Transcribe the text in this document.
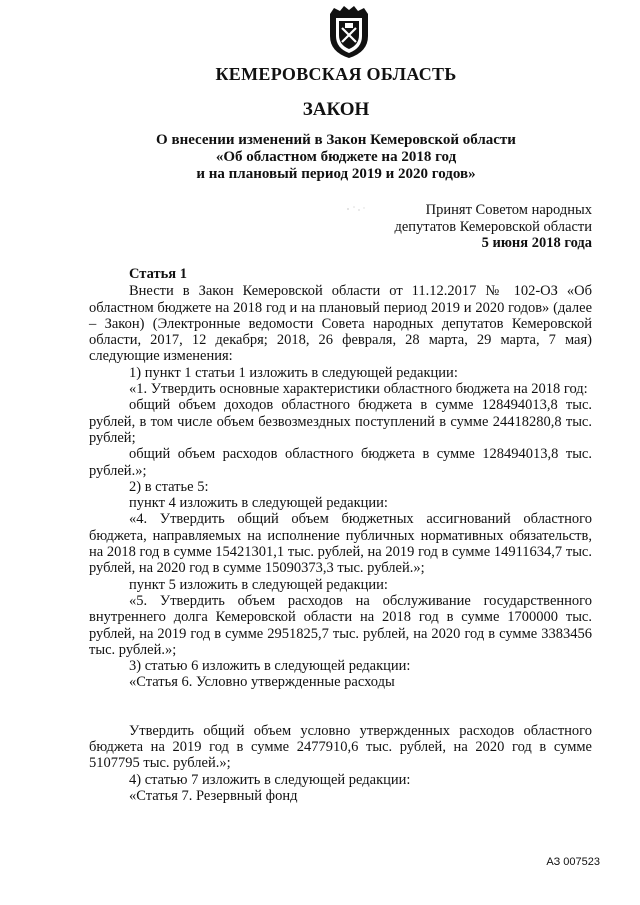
КЕМЕРОВСКАЯ ОБЛАСТЬ
ЗАКОН
О внесении изменений в Закон Кемеровской области
«Об областном бюджете на 2018 год
и на плановый период 2019 и 2020 годов»
Принят Советом народных
депутатов Кемеровской области
5 июня 2018 года
Статья 1

Внести в Закон Кемеровской области от 11.12.2017 № 102-ОЗ «Об областном бюджете на 2018 год и на плановый период 2019 и 2020 годов» (далее – Закон) (Электронные ведомости Совета народных депутатов Кемеровской области, 2017, 12 декабря; 2018, 26 февраля, 28 марта, 29 марта, 7 мая) следующие изменения:

1) пункт 1 статьи 1 изложить в следующей редакции:

«1. Утвердить основные характеристики областного бюджета на 2018 год:

общий объем доходов областного бюджета в сумме 128494013,8 тыс. рублей, в том числе объем безвозмездных поступлений в сумме 24418280,8 тыс. рублей;

общий объем расходов областного бюджета в сумме 128494013,8 тыс. рублей.»;

2) в статье 5:

пункт 4 изложить в следующей редакции:

«4. Утвердить общий объем бюджетных ассигнований областного бюджета, направляемых на исполнение публичных нормативных обязательств, на 2018 год в сумме 15421301,1 тыс. рублей, на 2019 год в сумме 14911634,7 тыс. рублей, на 2020 год в сумме 15090373,3 тыс. рублей.»;

пункт 5 изложить в следующей редакции:

«5. Утвердить объем расходов на обслуживание государственного внутреннего долга Кемеровской области на 2018 год в сумме 1700000 тыс. рублей, на 2019 год в сумме 2951825,7 тыс. рублей, на 2020 год в сумме 3383456 тыс. рублей.»;

3) статью 6 изложить в следующей редакции:

«Статья 6. Условно утвержденные расходы

Утвердить общий объем условно утвержденных расходов областного бюджета на 2019 год в сумме 2477910,6 тыс. рублей, на 2020 год в сумме 5107795 тыс. рублей.»;

4) статью 7 изложить в следующей редакции:

«Статья 7. Резервный фонд

АЗ 007523
